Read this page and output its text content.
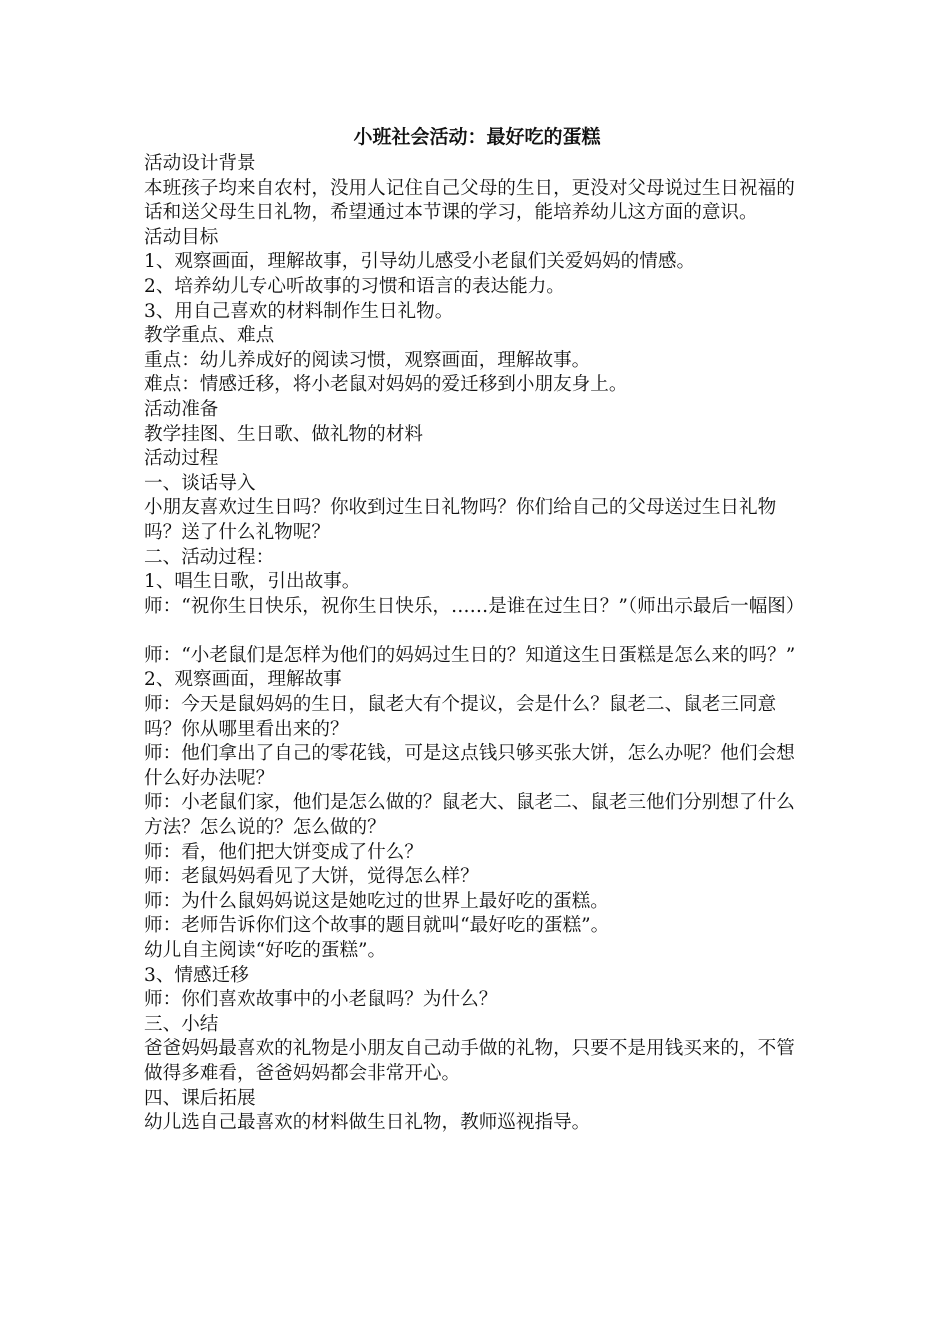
小班社会活动：最好吃的蛋糕

活动设计背景

本班孩子均来自农村，没用人记住自己父母的生日，更没对父母说过生日祝福的话和送父母生日礼物，希望通过本节课的学习，能培养幼儿这方面的意识。

活动目标

1、观察画面，理解故事，引导幼儿感受小老鼠们关爱妈妈的情感。

2、培养幼儿专心听故事的习惯和语言的表达能力。

3、用自己喜欢的材料制作生日礼物。

教学重点、难点

重点：幼儿养成好的阅读习惯，观察画面，理解故事。

难点：情感迁移，将小老鼠对妈妈的爱迁移到小朋友身上。

活动准备

教学挂图、生日歌、做礼物的材料

活动过程

一、谈话导入

小朋友喜欢过生日吗？你收到过生日礼物吗？你们给自己的父母送过生日礼物吗？送了什么礼物呢？

二、活动过程：

1、唱生日歌，引出故事。

师：“祝你生日快乐，祝你生日快乐，……是谁在过生日？”（师出示最后一幅图）

师：“小老鼠们是怎样为他们的妈妈过生日的？知道这生日蛋糕是怎么来的吗？”

2、观察画面，理解故事

师：今天是鼠妈妈的生日，鼠老大有个提议，会是什么？鼠老二、鼠老三同意吗？你从哪里看出来的？

师：他们拿出了自己的零花钱，可是这点钱只够买张大饼，怎么办呢？他们会想什么好办法呢？

师：小老鼠们家，他们是怎么做的？鼠老大、鼠老二、鼠老三他们分别想了什么方法？怎么说的？怎么做的？

师：看，他们把大饼变成了什么？

师：老鼠妈妈看见了大饼，觉得怎么样？

师：为什么鼠妈妈说这是她吃过的世界上最好吃的蛋糕。

师：老师告诉你们这个故事的题目就叫“最好吃的蛋糕”。

幼儿自主阅读“好吃的蛋糕”。

3、情感迁移

师：你们喜欢故事中的小老鼠吗？为什么？

三、小结

爸爸妈妈最喜欢的礼物是小朋友自己动手做的礼物，只要不是用钱买来的，不管做得多难看，爸爸妈妈都会非常开心。

四、课后拓展

幼儿选自己最喜欢的材料做生日礼物，教师巡视指导。
